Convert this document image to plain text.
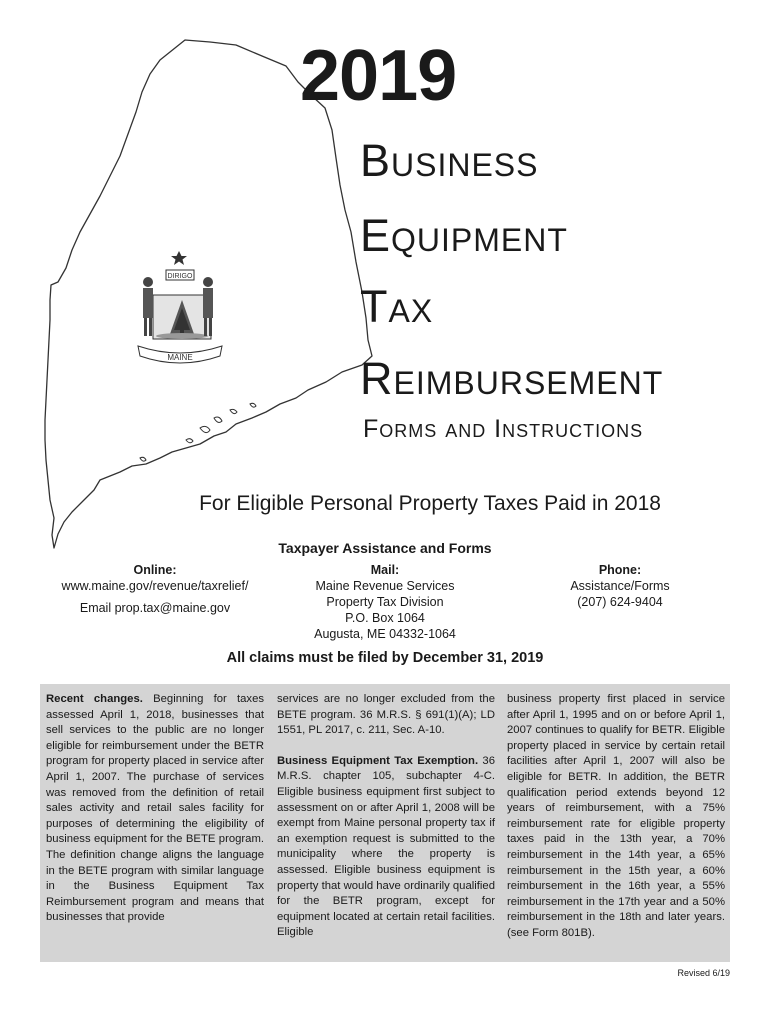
DIRIGO
MAINE
2019
Business
Equipment
Tax
Reimbursement
Forms and Instructions
For Eligible Personal Property Taxes Paid in 2018
Taxpayer Assistance and Forms
Online:
www.maine.gov/revenue/taxrelief/
Email prop.tax@maine.gov
Mail:
Maine Revenue Services
Property Tax Division
P.O. Box 1064
Augusta, ME 04332-1064
Phone:
Assistance/Forms
(207) 624-9404
All claims must be filed by December 31, 2019
Recent changes. Beginning for taxes assessed April 1, 2018, businesses that sell services to the public are no longer eligible for reimbursement under the BETR program for property placed in service after April 1, 2007. The purchase of services was removed from the definition of retail sales activity and retail sales facility for purposes of determining the eligibility of business equipment for the BETE program. The definition change aligns the language in the BETE program with similar language in the Business Equipment Tax Reimbursement program and means that businesses that provide
services are no longer excluded from the BETE program. 36 M.R.S. § 691(1)(A); LD 1551, PL 2017, c. 211, Sec. A-10.
Business Equipment Tax Exemption. 36 M.R.S. chapter 105, subchapter 4-C. Eligible business equipment first subject to assessment on or after April 1, 2008 will be exempt from Maine personal property tax if an exemption request is submitted to the municipality where the property is assessed. Eligible business equipment is property that would have ordinarily qualified for the BETR program, except for equipment located at certain retail facilities. Eligible
business property first placed in service after April 1, 1995 and on or before April 1, 2007 continues to qualify for BETR. Eligible property placed in service by certain retail facilities after April 1, 2007 will also be eligible for BETR. In addition, the BETR qualification period extends beyond 12 years of reimbursement, with a 75% reimbursement rate for eligible property taxes paid in the 13th year, a 70% reimbursement in the 14th year, a 65% reimbursement in the 15th year, a 60% reimbursement in the 16th year, a 55% reimbursement in the 17th year and a 50% reimbursement in the 18th and later years. (see Form 801B).
Revised 6/19
